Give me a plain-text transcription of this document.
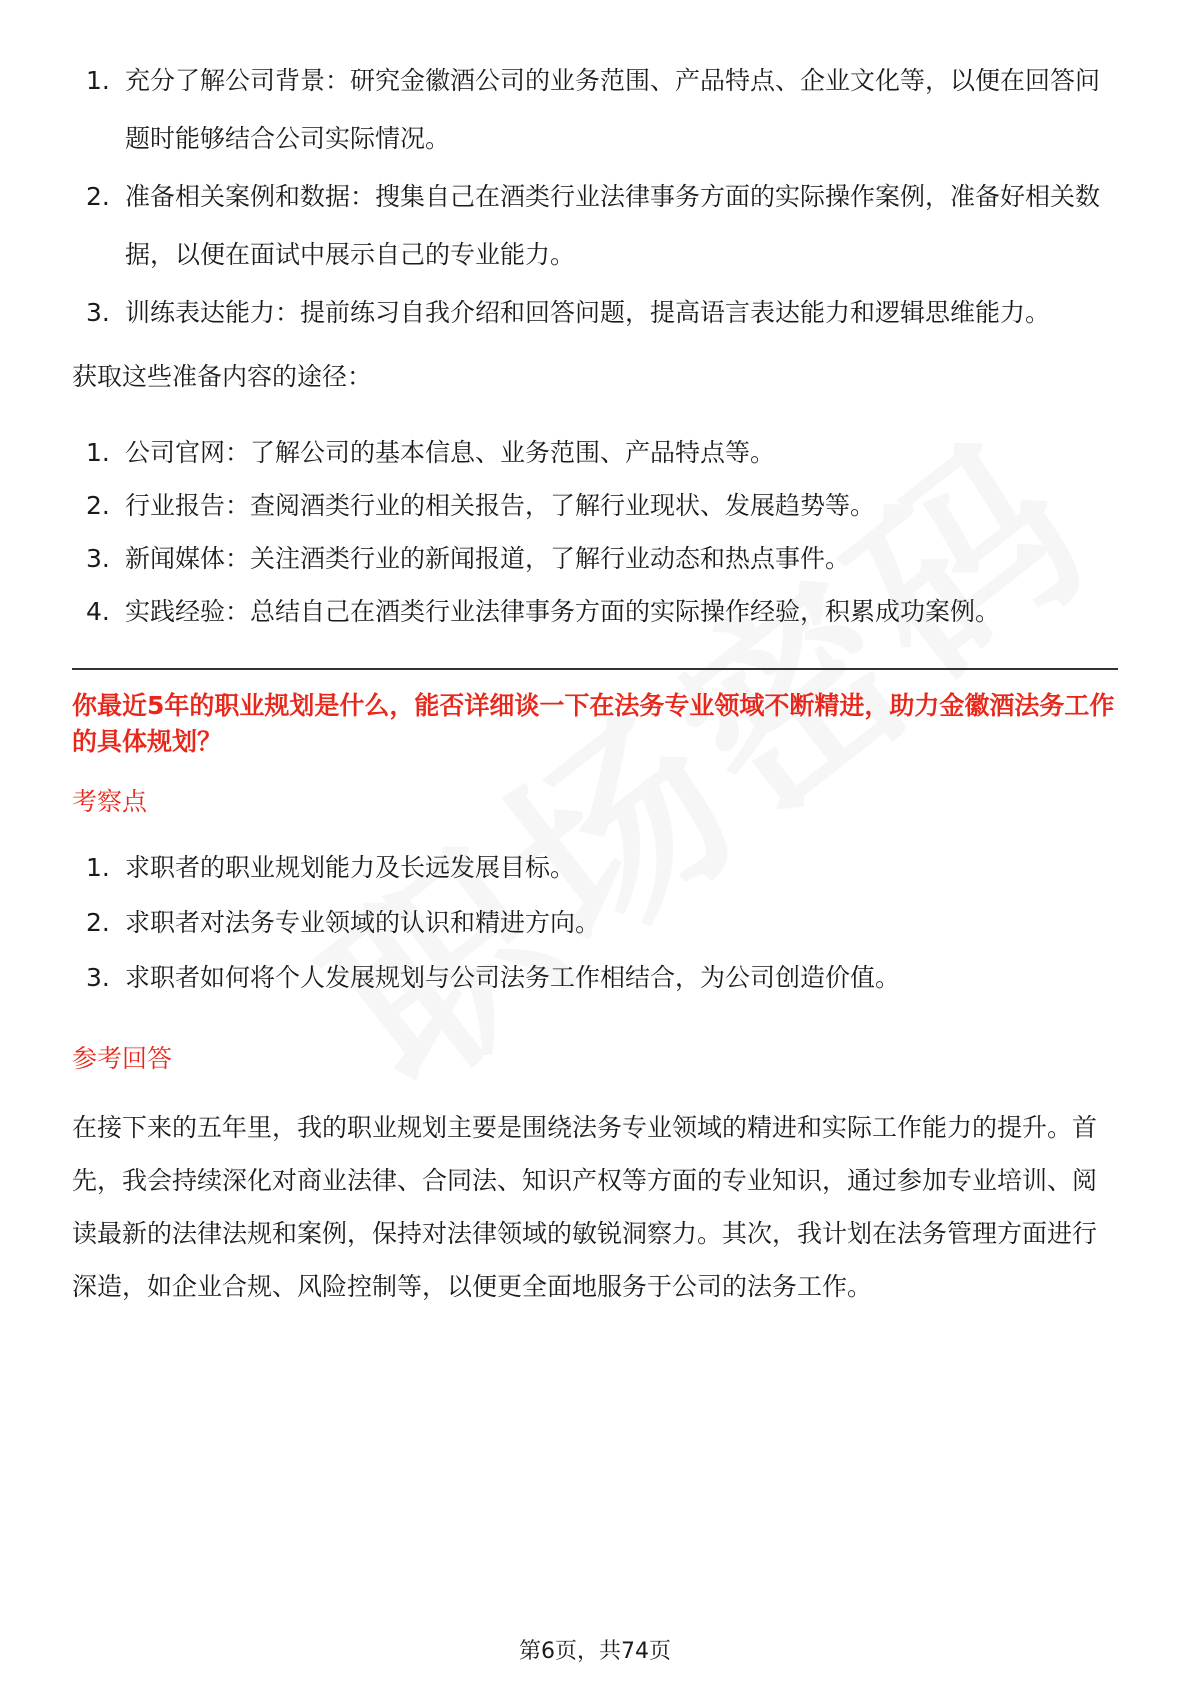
1. 充分了解公司背景：研究金徽酒公司的业务范围、产品特点、企业文化等，以便在回答问题时能够结合公司实际情况。
2. 准备相关案例和数据：搜集自己在酒类行业法律事务方面的实际操作案例，准备好相关数据，以便在面试中展示自己的专业能力。
3. 训练表达能力：提前练习自我介绍和回答问题，提高语言表达能力和逻辑思维能力。

获取这些准备内容的途径：

1. 公司官网：了解公司的基本信息、业务范围、产品特点等。
2. 行业报告：查阅酒类行业的相关报告，了解行业现状、发展趋势等。
3. 新闻媒体：关注酒类行业的新闻报道，了解行业动态和热点事件。
4. 实践经验：总结自己在酒类行业法律事务方面的实际操作经验，积累成功案例。

你最近5年的职业规划是什么，能否详细谈一下在法务专业领域不断精进，助力金徽酒法务工作的具体规划？

考察点

1. 求职者的职业规划能力及长远发展目标。
2. 求职者对法务专业领域的认识和精进方向。
3. 求职者如何将个人发展规划与公司法务工作相结合，为公司创造价值。

参考回答

在接下来的五年里，我的职业规划主要是围绕法务专业领域的精进和实际工作能力的提升。首先，我会持续深化对商业法律、合同法、知识产权等方面的专业知识，通过参加专业培训、阅读最新的法律法规和案例，保持对法律领域的敏锐洞察力。其次，我计划在法务管理方面进行深造，如企业合规、风险控制等，以便更全面地服务于公司的法务工作。

第6页，共74页
